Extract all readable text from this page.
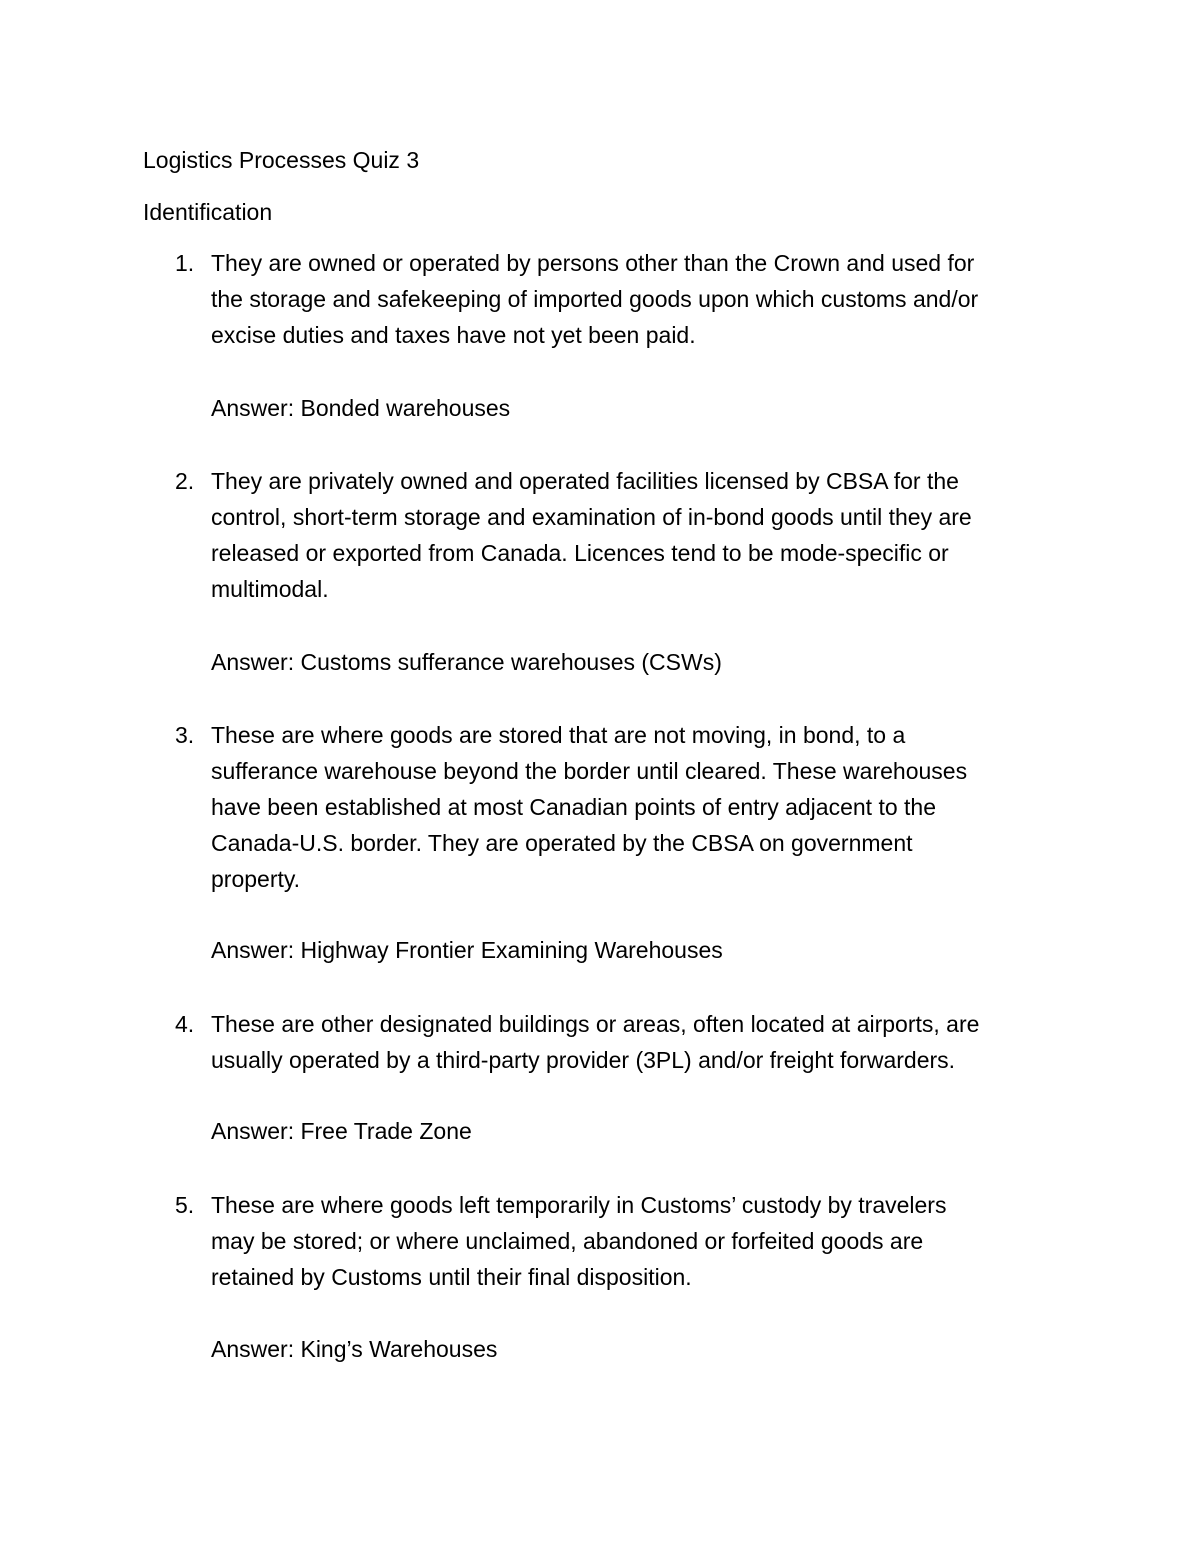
Logistics Processes Quiz 3
Identification
1. They are owned or operated by persons other than the Crown and used for
the storage and safekeeping of imported goods upon which customs and/or
excise duties and taxes have not yet been paid.
Answer: Bonded warehouses
2. They are privately owned and operated facilities licensed by CBSA for the
control, short-term storage and examination of in-bond goods until they are
released or exported from Canada. Licences tend to be mode-specific or
multimodal.
Answer: Customs sufferance warehouses (CSWs)
3. These are where goods are stored that are not moving, in bond, to a
sufferance warehouse beyond the border until cleared. These warehouses
have been established at most Canadian points of entry adjacent to the
Canada-U.S. border. They are operated by the CBSA on government
property.
Answer: Highway Frontier Examining Warehouses
4. These are other designated buildings or areas, often located at airports, are
usually operated by a third-party provider (3PL) and/or freight forwarders.
Answer: Free Trade Zone
5. These are where goods left temporarily in Customs’ custody by travelers
may be stored; or where unclaimed, abandoned or forfeited goods are
retained by Customs until their final disposition.
Answer: King’s Warehouses
